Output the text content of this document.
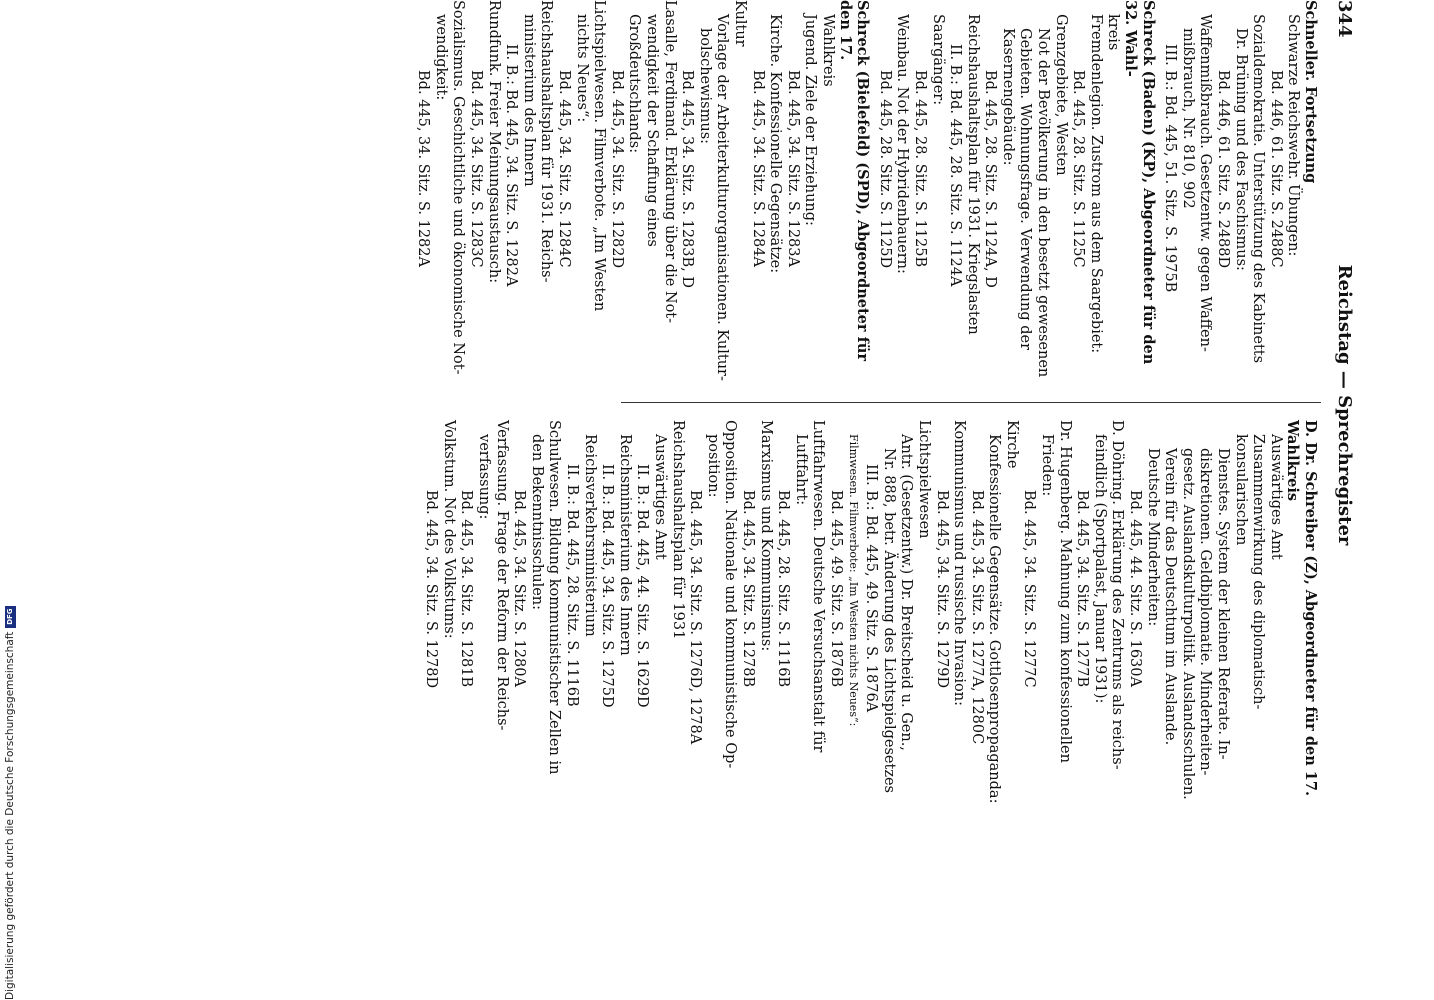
344
Reichstag — Sprechregister
Schneller. Fortsetzung
Schwarze Reichswehr. Übungen:
Bd. 446, 61. Sitz. S. 2488C
Sozialdemokratie. Unterstützung des Kabinetts
Dr. Brüning und des Faschismus:
Bd. 446, 61. Sitz. S. 2488D
Waffenmißbrauch. Gesetzentw. gegen Waffen-
mißbrauch, Nr. 810, 902
III. B.: Bd. 445, 51. Sitz. S. 1975B
Schreck (Baden) (KP), Abgeordneter für den 32. Wahl-
kreis
Fremdenlegion. Zustrom aus dem Saargebiet:
Bd. 445, 28. Sitz. S. 1125C
Grenzgebiete, Westen
Not der Bevölkerung in den besetzt gewesenen
Gebieten. Wohnungsfrage. Verwendung der
Kasernengebäude:
Bd. 445, 28. Sitz. S. 1124A, D
Reichshaushaltsplan für 1931. Kriegslasten
II. B.: Bd. 445, 28. Sitz. S. 1124A
Saargänger:
Bd. 445, 28. Sitz. S. 1125B
Weinbau. Not der Hybridenbauern:
Bd. 445, 28. Sitz. S. 1125D
Schreck (Bielefeld) (SPD), Abgeordneter für den 17.
Wahlkreis
Jugend. Ziele der Erziehung:
Bd. 445, 34. Sitz. S. 1283A
Kirche. Konfessionelle Gegensätze:
Bd. 445, 34. Sitz. S. 1284A
Kultur
Vorlage der Arbeiterkulturorganisationen. Kultur-
bolschewismus:
Bd. 445, 34. Sitz. S. 1283B, D
Lasalle, Ferdinand. Erklärung über die Not-
wendigkeit der Schaffung eines Großdeutschlands:
Bd. 445, 34. Sitz. S. 1282D
Lichtspielwesen. Filmverbote. „Im Westen
nichts Neues“:
Bd. 445, 34. Sitz. S. 1284C
Reichshaushaltsplan für 1931. Reichs-
ministerium des Innern
II. B.: Bd. 445, 34. Sitz. S. 1282A
Rundfunk. Freier Meinungsaustausch:
Bd. 445, 34. Sitz. S. 1283C
Sozialismus. Geschichtliche und ökonomische Not-
wendigkeit:
Bd. 445, 34. Sitz. S. 1282A
D. Dr. Schreiber (Z), Abgeordneter für den 17. Wahlkreis
Auswärtiges Amt
Zusammenwirkung des diplomatisch-konsularischen
Dienstes. System der kleinen Referate. In-
diskretionen. Geldbiplomatie. Minderheiten-
gesetz. Auslandskulturpolitik. Auslandsschulen.
Verein für das Deutschtum im Auslande.
Deutsche Minderheiten:
Bd. 445, 44. Sitz. S. 1630A
D. Döhring. Erklärung des Zentrums als reichs-
feindlich (Sportpalast, Januar 1931):
Bd. 445, 34. Sitz. S. 1277B
Dr. Hugenberg. Mahnung zum konfessionellen
Frieden:
Bd. 445, 34. Sitz. S. 1277C
Kirche
Konfessionelle Gegensätze. Gottlosenpropaganda:
Bd. 445, 34. Sitz. S. 1277A, 1280C
Kommunismus und russische Invasion:
Bd. 445, 34. Sitz. S. 1279D
Lichtspielwesen
Antr. (Gesetzentw.) Dr. Breitscheid u. Gen.,
Nr. 888, betr. Änderung des Lichtspielgesetzes
III. B.: Bd. 445, 49. Sitz. S. 1876A
Filmwesen. Filmverbote: „Im Westen nichts Neues“:
Bd. 445, 49. Sitz. S. 1876B
Luftfahrwesen. Deutsche Versuchsanstalt für
Luftfahrt:
Bd. 445, 28. Sitz. S. 1116B
Marxismus und Kommunismus:
Bd. 445, 34. Sitz. S. 1278B
Opposition. Nationale und kommunistische Op-
position:
Bd. 445, 34. Sitz. S. 1276D, 1278A
Reichshaushaltsplan für 1931
Auswärtiges Amt
II. B.: Bd. 445, 44. Sitz. S. 1629D
Reichsministerium des Innern
II. B.: Bd. 445, 34. Sitz. S. 1275D
Reichsverkehrsministerium
II. B.: Bd. 445, 28. Sitz. S. 1116B
Schulwesen. Bildung kommunistischer Zellen in
den Bekenntnisschulen:
Bd. 445, 34. Sitz. S. 1280A
Verfassung. Frage der Reform der Reichs-
verfassung:
Bd. 445, 34. Sitz. S. 1281B
Volkstum. Not des Volkstums:
Bd. 445, 34. Sitz. S. 1278D
Digitalisierung gefördert durch die Deutsche Forschungsgemeinschaft
DFG
